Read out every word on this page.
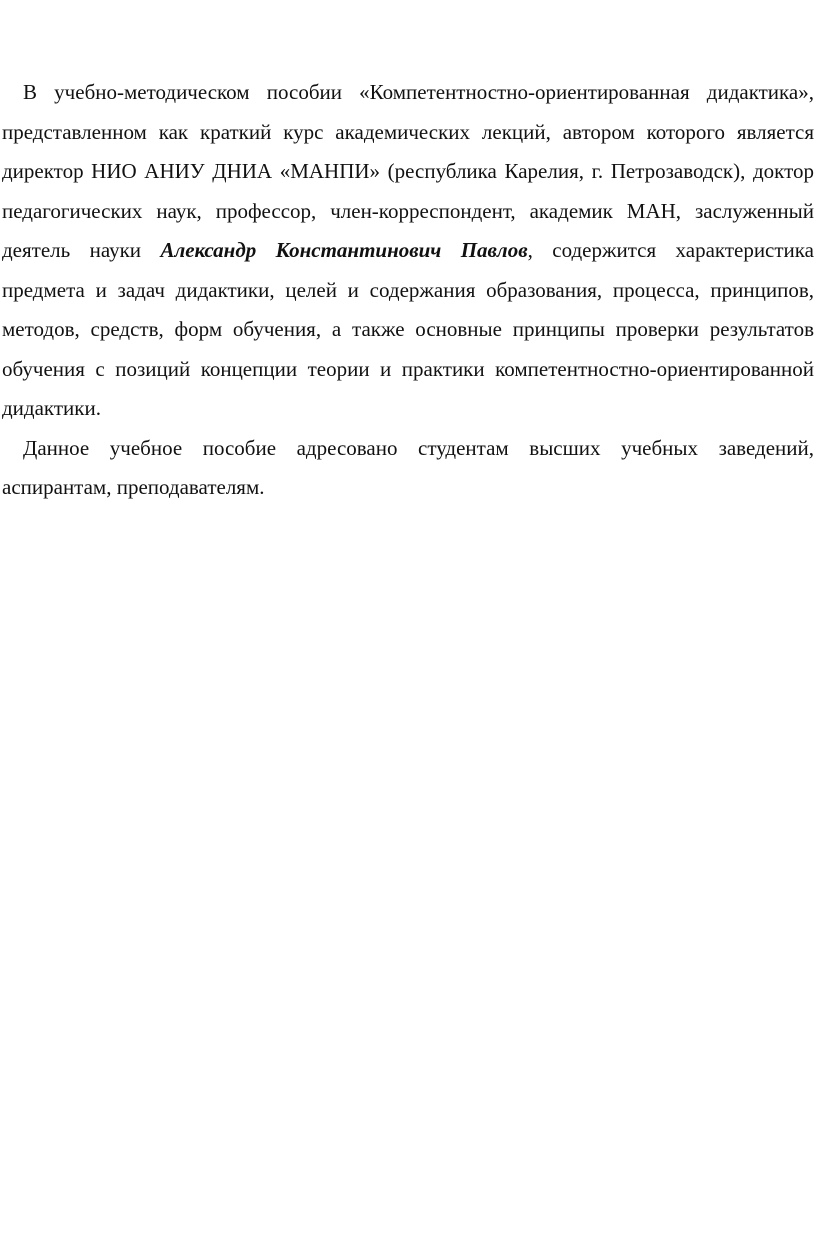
В учебно-методическом пособии «Компетентностно-ориентированная дидактика», представленном как краткий курс академических лекций, автором которого является директор НИО АНИУ ДНИА «МАНПИ» (республика Карелия, г. Петрозаводск), доктор педагогических наук, профессор, член-корреспондент, академик МАН, заслуженный деятель науки Александр Константинович Павлов, содержится характеристика предмета и задач дидактики, целей и содержания образования, процесса, принципов, методов, средств, форм обучения, а также основные принципы проверки результатов обучения с позиций концепции теории и практики компетентностно-ориентированной дидактики.

Данное учебное пособие адресовано студентам высших учебных заведений, аспирантам, преподавателям.
